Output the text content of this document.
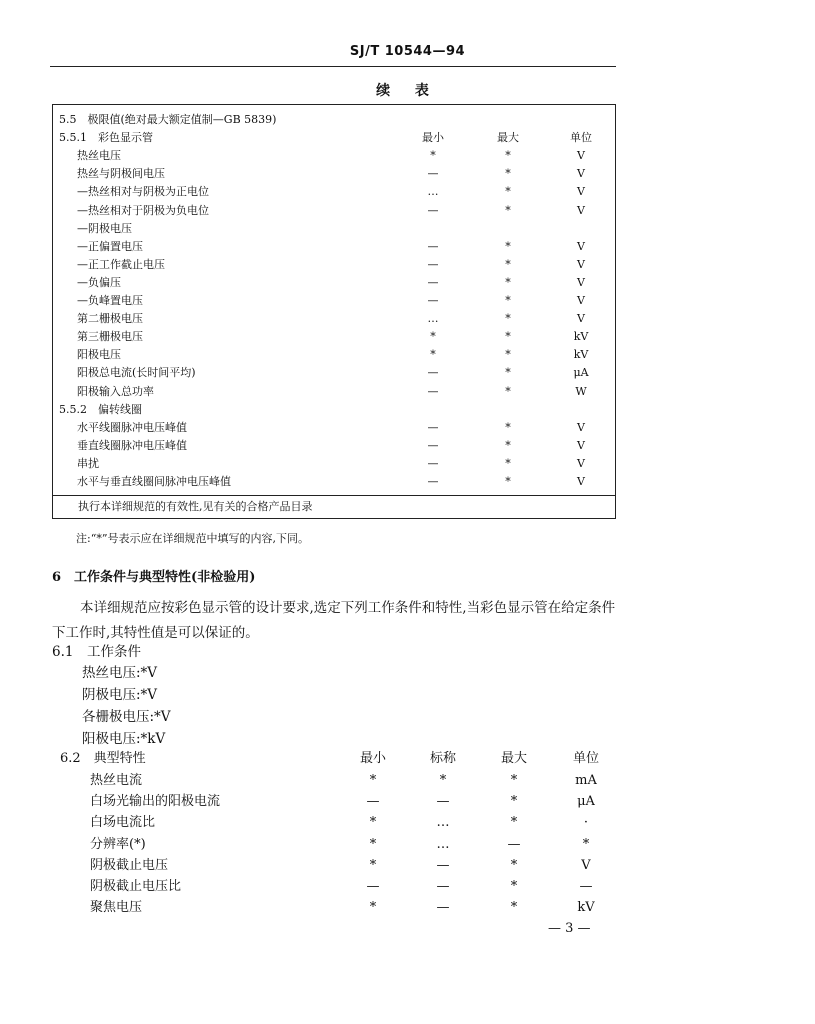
SJ/T 10544—94
续 表
5.5　极限值(绝对最大额定值制—GB 5839)
5.5.1　彩色显示管	最小	最大	单位
热丝电压	*	*	V
热丝与阴极间电压	—	*	V
—热丝相对与阴极为正电位	…	*	V
—热丝相对于阴极为负电位	—	*	V
—阴极电压
—正偏置电压	—	*	V
—正工作截止电压	—	*	V
—负偏压	—	*	V
—负峰置电压	—	*	V
第二栅极电压	…	*	V
第三栅极电压	*	*	kV
阳极电压	*	*	kV
阳极总电流(长时间平均)	—	*	μA
阳极输入总功率	—	*	W
5.5.2　偏转线圈
水平线圈脉冲电压峰值	—	*	V
垂直线圈脉冲电压峰值	—	*	V
串扰	—	*	V
水平与垂直线圈间脉冲电压峰值	—	*	V
执行本详细规范的有效性,见有关的合格产品目录
注:“*”号表示应在详细规范中填写的内容,下同。
6　工作条件与典型特性(非检验用)
本详细规范应按彩色显示管的设计要求,选定下列工作条件和特性,当彩色显示管在给定条件下工作时,其特性值是可以保证的。
6.1　工作条件
热丝电压:*V
阴极电压:*V
各栅极电压:*V
阳极电压:*kV
6.2　典型特性	最小	标称	最大	单位
热丝电流	*	*	*	mA
白场光输出的阳极电流	—	—	*	μA
白场电流比	*	…	*	·
分辨率(*)	*	…	—	*
阴极截止电压	*	—	*	V
阴极截止电压比	—	—	*	—
聚焦电压	*	—	*	kV
— 3 —
